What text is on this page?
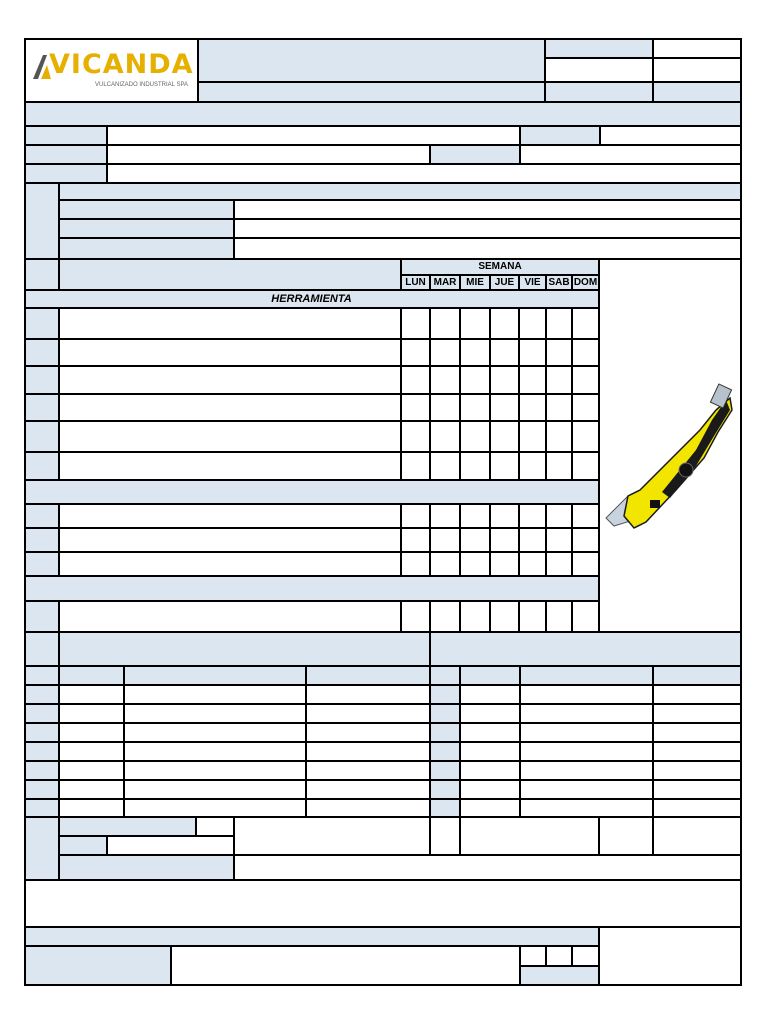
VICANDA
VULCANIZADO INDUSTRIAL SPA
SEMANA
LUN MAR MIE	JUE	VIE SAB DOM
HERRAMIENTA
